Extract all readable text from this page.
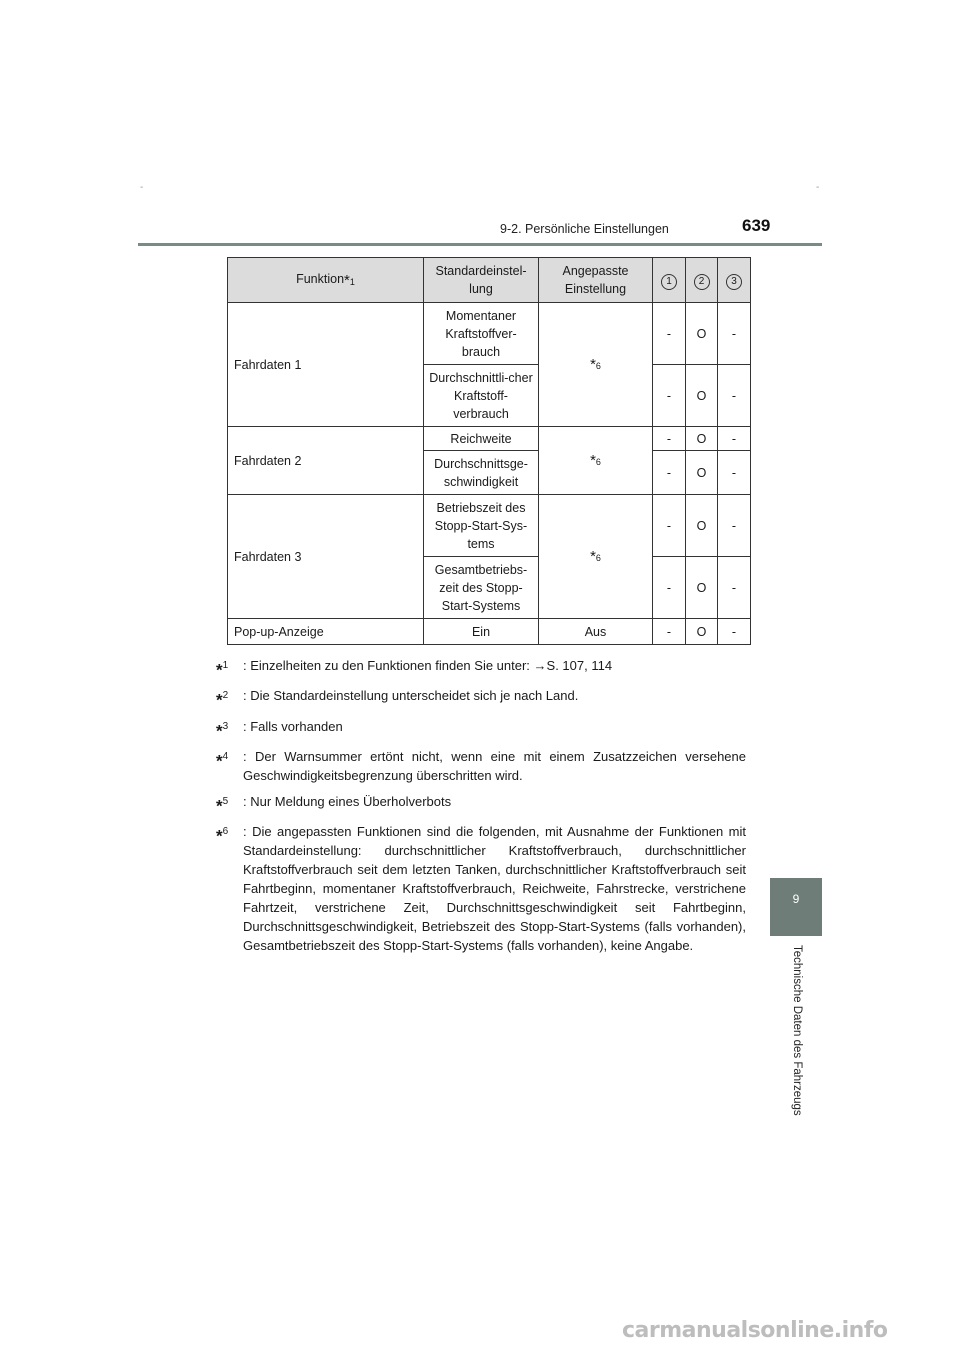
-	-
9-2. Persönliche Einstellungen	639
9
Technische Daten des Fahrzeugs
$Funktion*_1$	Standardeinstel-lung	Angepasste Einstellung	1	2	3
Fahrdaten 1	Momentaner Kraftstoffver-brauch	$*_6$	-	O	-
	Durchschnittli-cher Kraftstoff-verbrauch		-	O	-
Fahrdaten 2	Reichweite	$*_6$	-	O	-
	Durchschnittsge-schwindigkeit		-	O	-
Fahrdaten 3	Betriebszeit des Stopp-Start-Sys-tems	$*_6$	-	O	-
	Gesamtbetriebs-zeit des Stopp-Start-Systems		-	O	-
Pop-up-Anzeige	Ein	Aus	-	O	-
*$^1$	: Einzelheiten zu den Funktionen finden Sie unter: →S. 107, 114
*$^2$	: Die Standardeinstellung unterscheidet sich je nach Land.
*$^3$	: Falls vorhanden
*$^4$	: Der Warnsummer ertönt nicht, wenn eine mit einem Zusatzzeichen versehene Geschwindigkeitsbegrenzung überschritten wird.
*$^5$	: Nur Meldung eines Überholverbots
*$^6$	: Die angepassten Funktionen sind die folgenden, mit Ausnahme der Funktionen mit Standardeinstellung: durchschnittlicher Kraftstoffverbrauch, durchschnittlicher Kraftstoffverbrauch seit dem letzten Tanken, durchschnittlicher Kraftstoffverbrauch seit Fahrtbeginn, momentaner Kraftstoffverbrauch, Reichweite, Fahrstrecke, verstrichene Fahrtzeit, verstrichene Zeit, Durchschnittsgeschwindigkeit seit Fahrtbeginn, Durchschnittsgeschwindigkeit, Betriebszeit des Stopp-Start-Systems (falls vorhanden), Gesamtbetriebszeit des Stopp-Start-Systems (falls vorhanden), keine Angabe.
carmanualsonline.info
